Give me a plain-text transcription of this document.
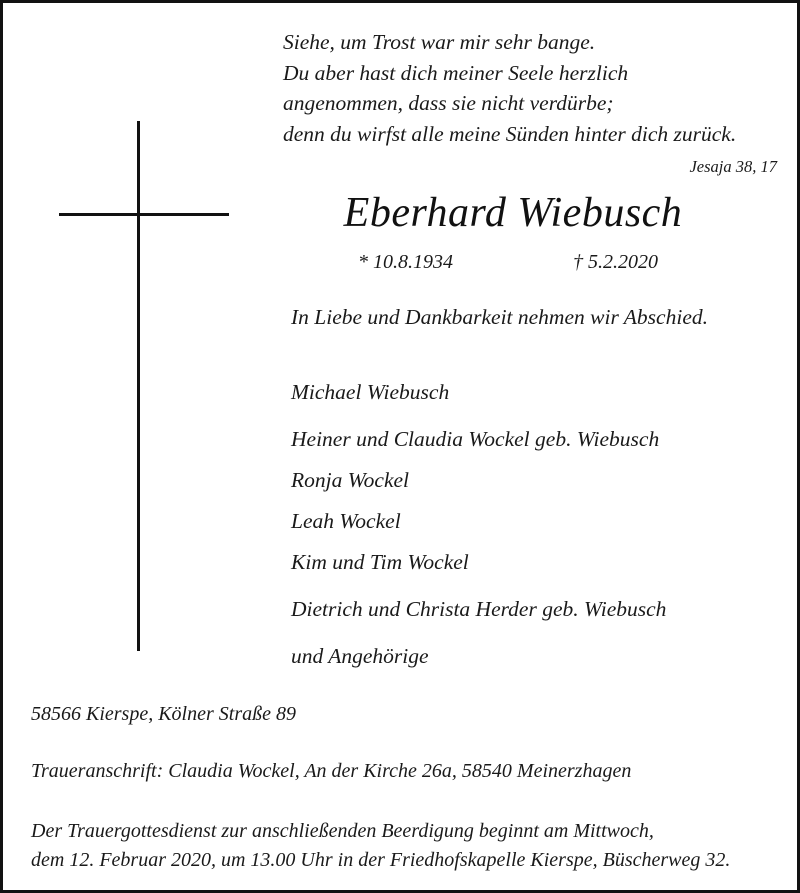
Siehe, um Trost war mir sehr bange.
Du aber hast dich meiner Seele herzlich
angenommen, dass sie nicht verdürbe;
denn du wirfst alle meine Sünden hinter dich zurück.
Jesaja 38, 17
Eberhard Wiebusch
* 10.8.1934	† 5.2.2020
In Liebe und Dankbarkeit nehmen wir Abschied.
Michael Wiebusch
Heiner und Claudia Wockel geb. Wiebusch
Ronja Wockel
Leah Wockel
Kim und Tim Wockel
Dietrich und Christa Herder geb. Wiebusch
und Angehörige
58566 Kierspe, Kölner Straße 89
Traueranschrift: Claudia Wockel, An der Kirche 26a, 58540 Meinerzhagen
Der Trauergottesdienst zur anschließenden Beerdigung beginnt am Mittwoch,
dem 12. Februar 2020, um 13.00 Uhr in der Friedhofskapelle Kierspe, Büscherweg 32.
